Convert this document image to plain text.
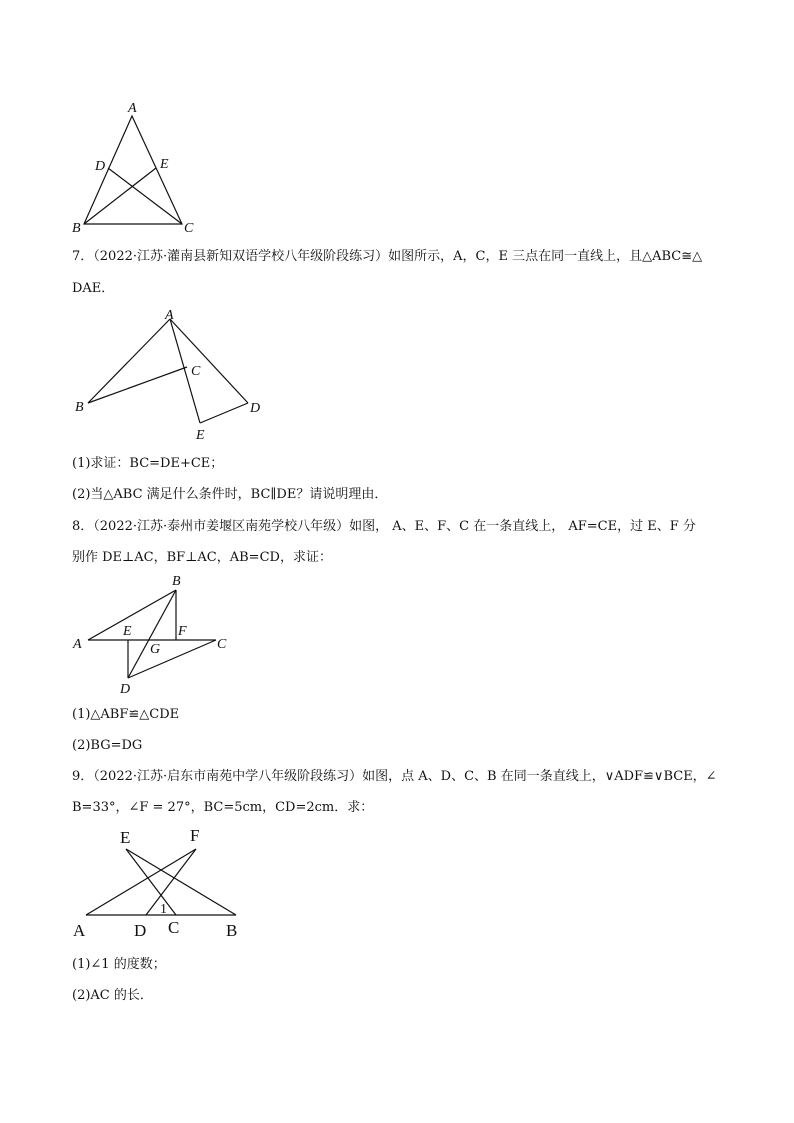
A
D	E
B	C
7．（2022·江苏·灌南县新知双语学校八年级阶段练习）如图所示，A，C，E 三点在同一直线上，且△ABC≅△
DAE．
A
B
C
D
E
(1)求证：BC=DE+CE；
(2)当△ABC 满足什么条件时，BC∥DE？请说明理由．
8．（2022·江苏·泰州市姜堰区南苑学校八年级）如图， A、E、F、C 在一条直线上， AF=CE，过 E、F 分
别作 DE⊥AC，BF⊥AC，AB=CD，求证：
B
A
E	F
C
G
D
(1)△ABF≌△CDE
(2)BG=DG
9．（2022·江苏·启东市南苑中学八年级阶段练习）如图，点 A、D、C、B 在同一条直线上，∨ADF≌∨BCE，∠
B=33°，∠F = 27°，BC=5cm，CD=2cm．求：
E	F
1
A	D C	B
(1)∠1 的度数；
(2)AC 的长．
